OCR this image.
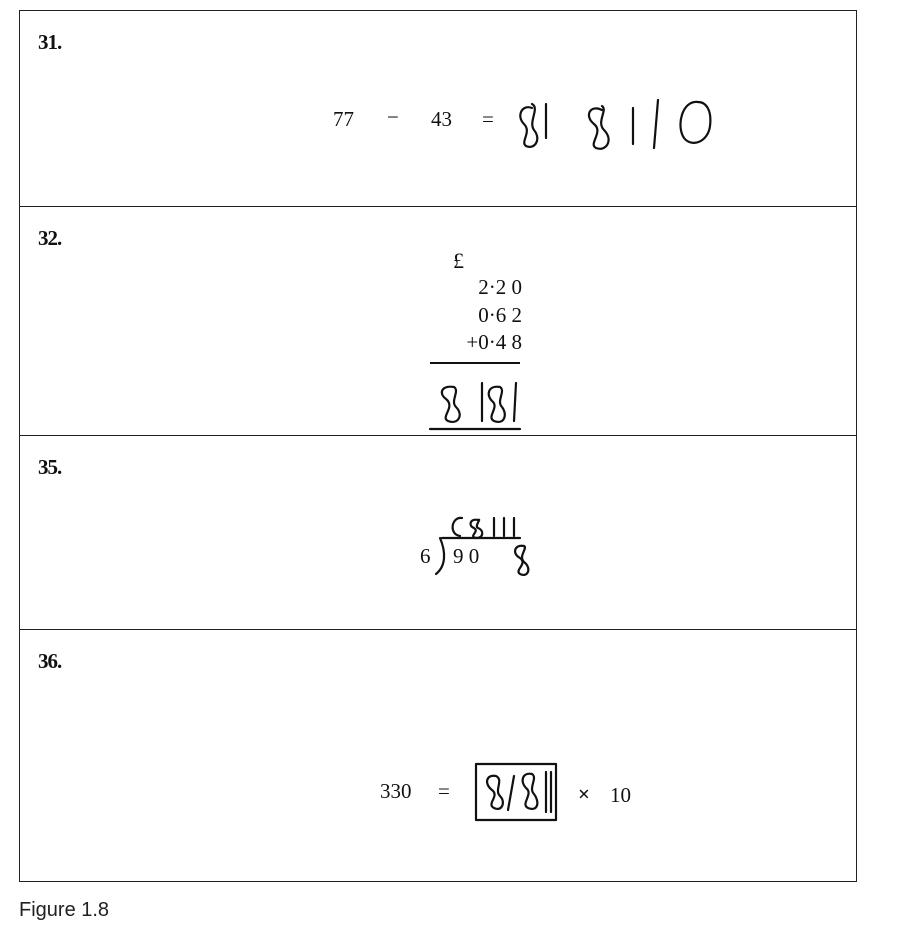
31.
77 − 43 =
32.
£
2·2 0
0·6 2
+0·4 8
35.
6 9 0
36.
330 =	× 10
Figure 1.8
